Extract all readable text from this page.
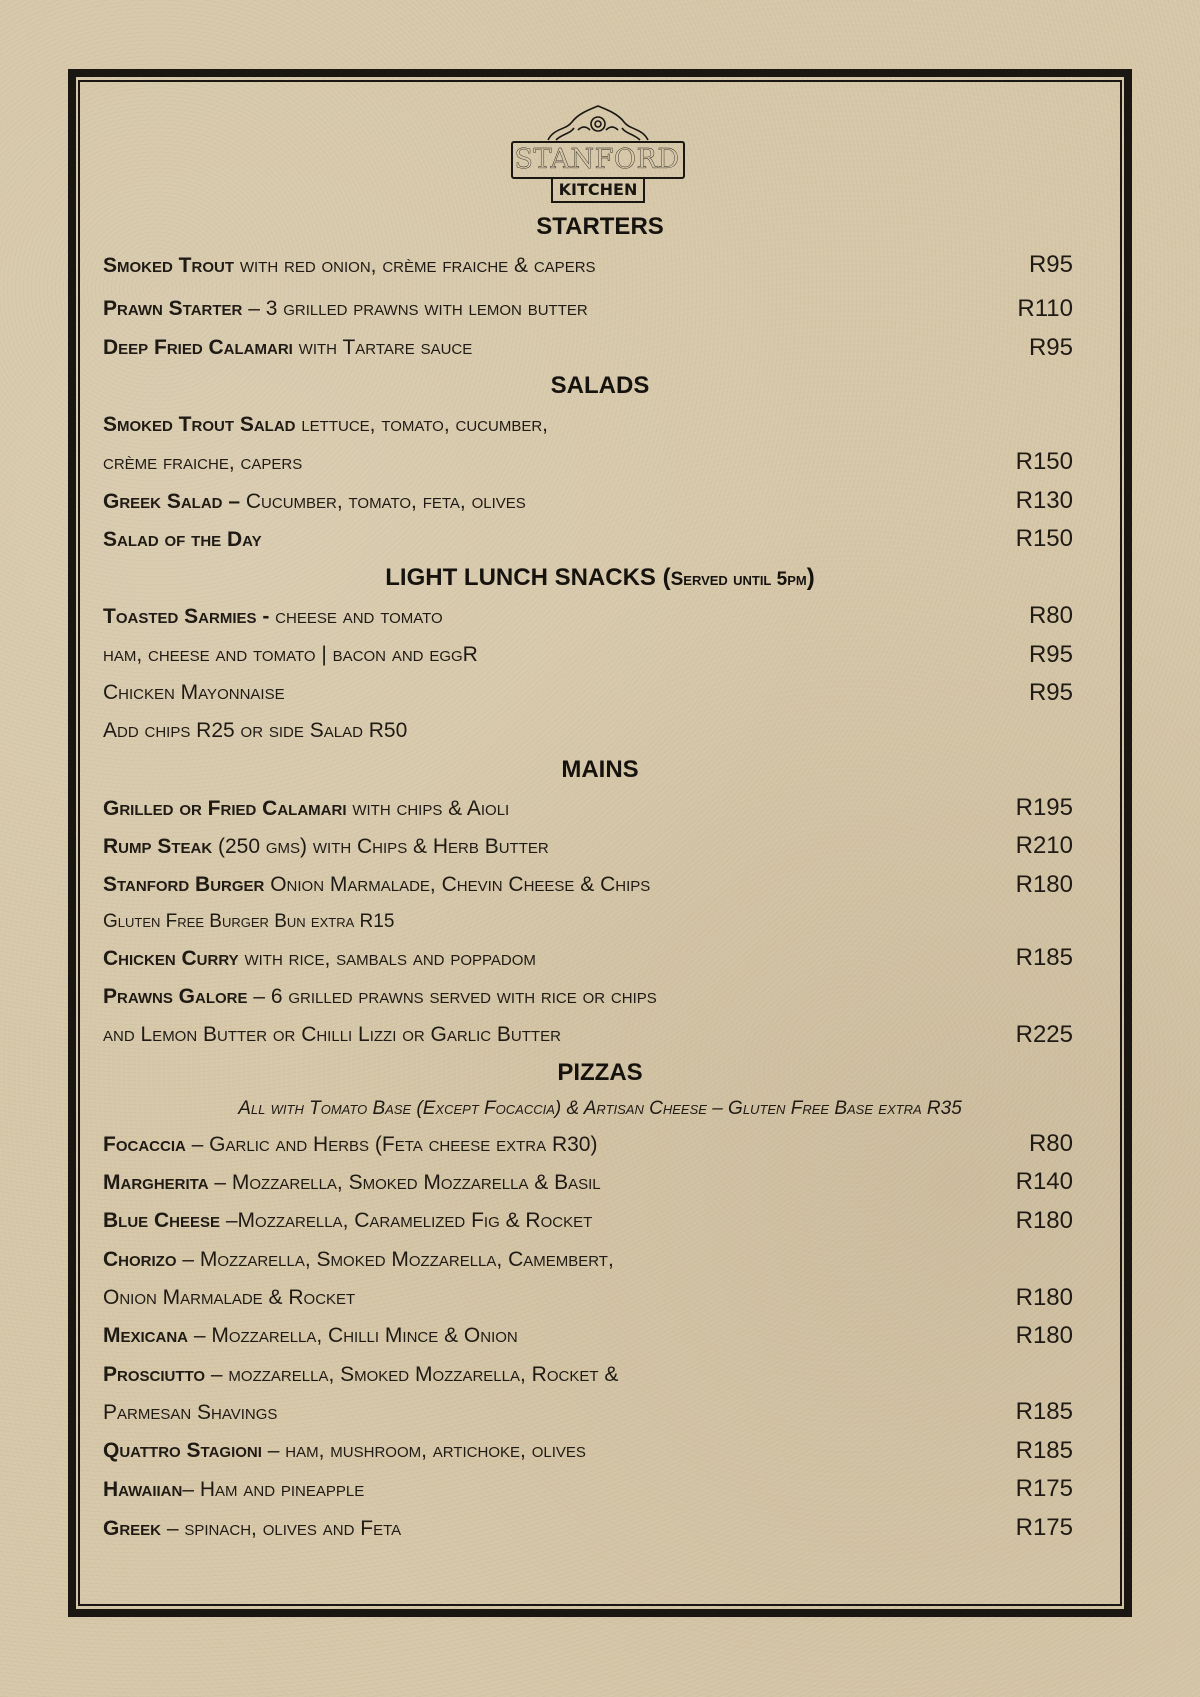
STANFORD
KITCHEN
STARTERS
Smoked Trout with red onion, crème fraiche & capers	R95
Prawn Starter – 3 grilled prawns with lemon butter	R110
Deep Fried Calamari with Tartare sauce	R95
SALADS
Smoked Trout Salad lettuce, tomato, cucumber,
crème fraiche, capers	R150
Greek Salad – Cucumber, tomato, feta, olives	R130
Salad of the Day	R150
LIGHT LUNCH SNACKS (Served until 5pm)
Toasted Sarmies - cheese and tomato	R80
ham, cheese and tomato | bacon and eggR	R95
Chicken Mayonnaise	R95
Add chips R25 or side Salad R50
MAINS
Grilled or Fried Calamari with chips & Aioli	R195
Rump Steak (250 gms) with Chips & Herb Butter	R210
Stanford Burger Onion Marmalade, Chevin Cheese & Chips	R180
Gluten Free Burger Bun extra R15
Chicken Curry with rice, sambals and poppadom	R185
Prawns Galore – 6 grilled prawns served with rice or chips
and Lemon Butter or Chilli Lizzi or Garlic Butter	R225
PIZZAS
All with Tomato Base (Except Focaccia) & Artisan Cheese – Gluten Free Base extra R35
Focaccia – Garlic and Herbs (Feta cheese extra R30)	R80
Margherita – Mozzarella, Smoked Mozzarella & Basil	R140
Blue Cheese –Mozzarella, Caramelized Fig & Rocket	R180
Chorizo – Mozzarella, Smoked Mozzarella, Camembert,
Onion Marmalade & Rocket	R180
Mexicana – Mozzarella, Chilli Mince & Onion	R180
Prosciutto – mozzarella, Smoked Mozzarella, Rocket &
Parmesan Shavings	R185
Quattro Stagioni – ham, mushroom, artichoke, olives	R185
Hawaiian– Ham and pineapple	R175
Greek – spinach, olives and Feta	R175
